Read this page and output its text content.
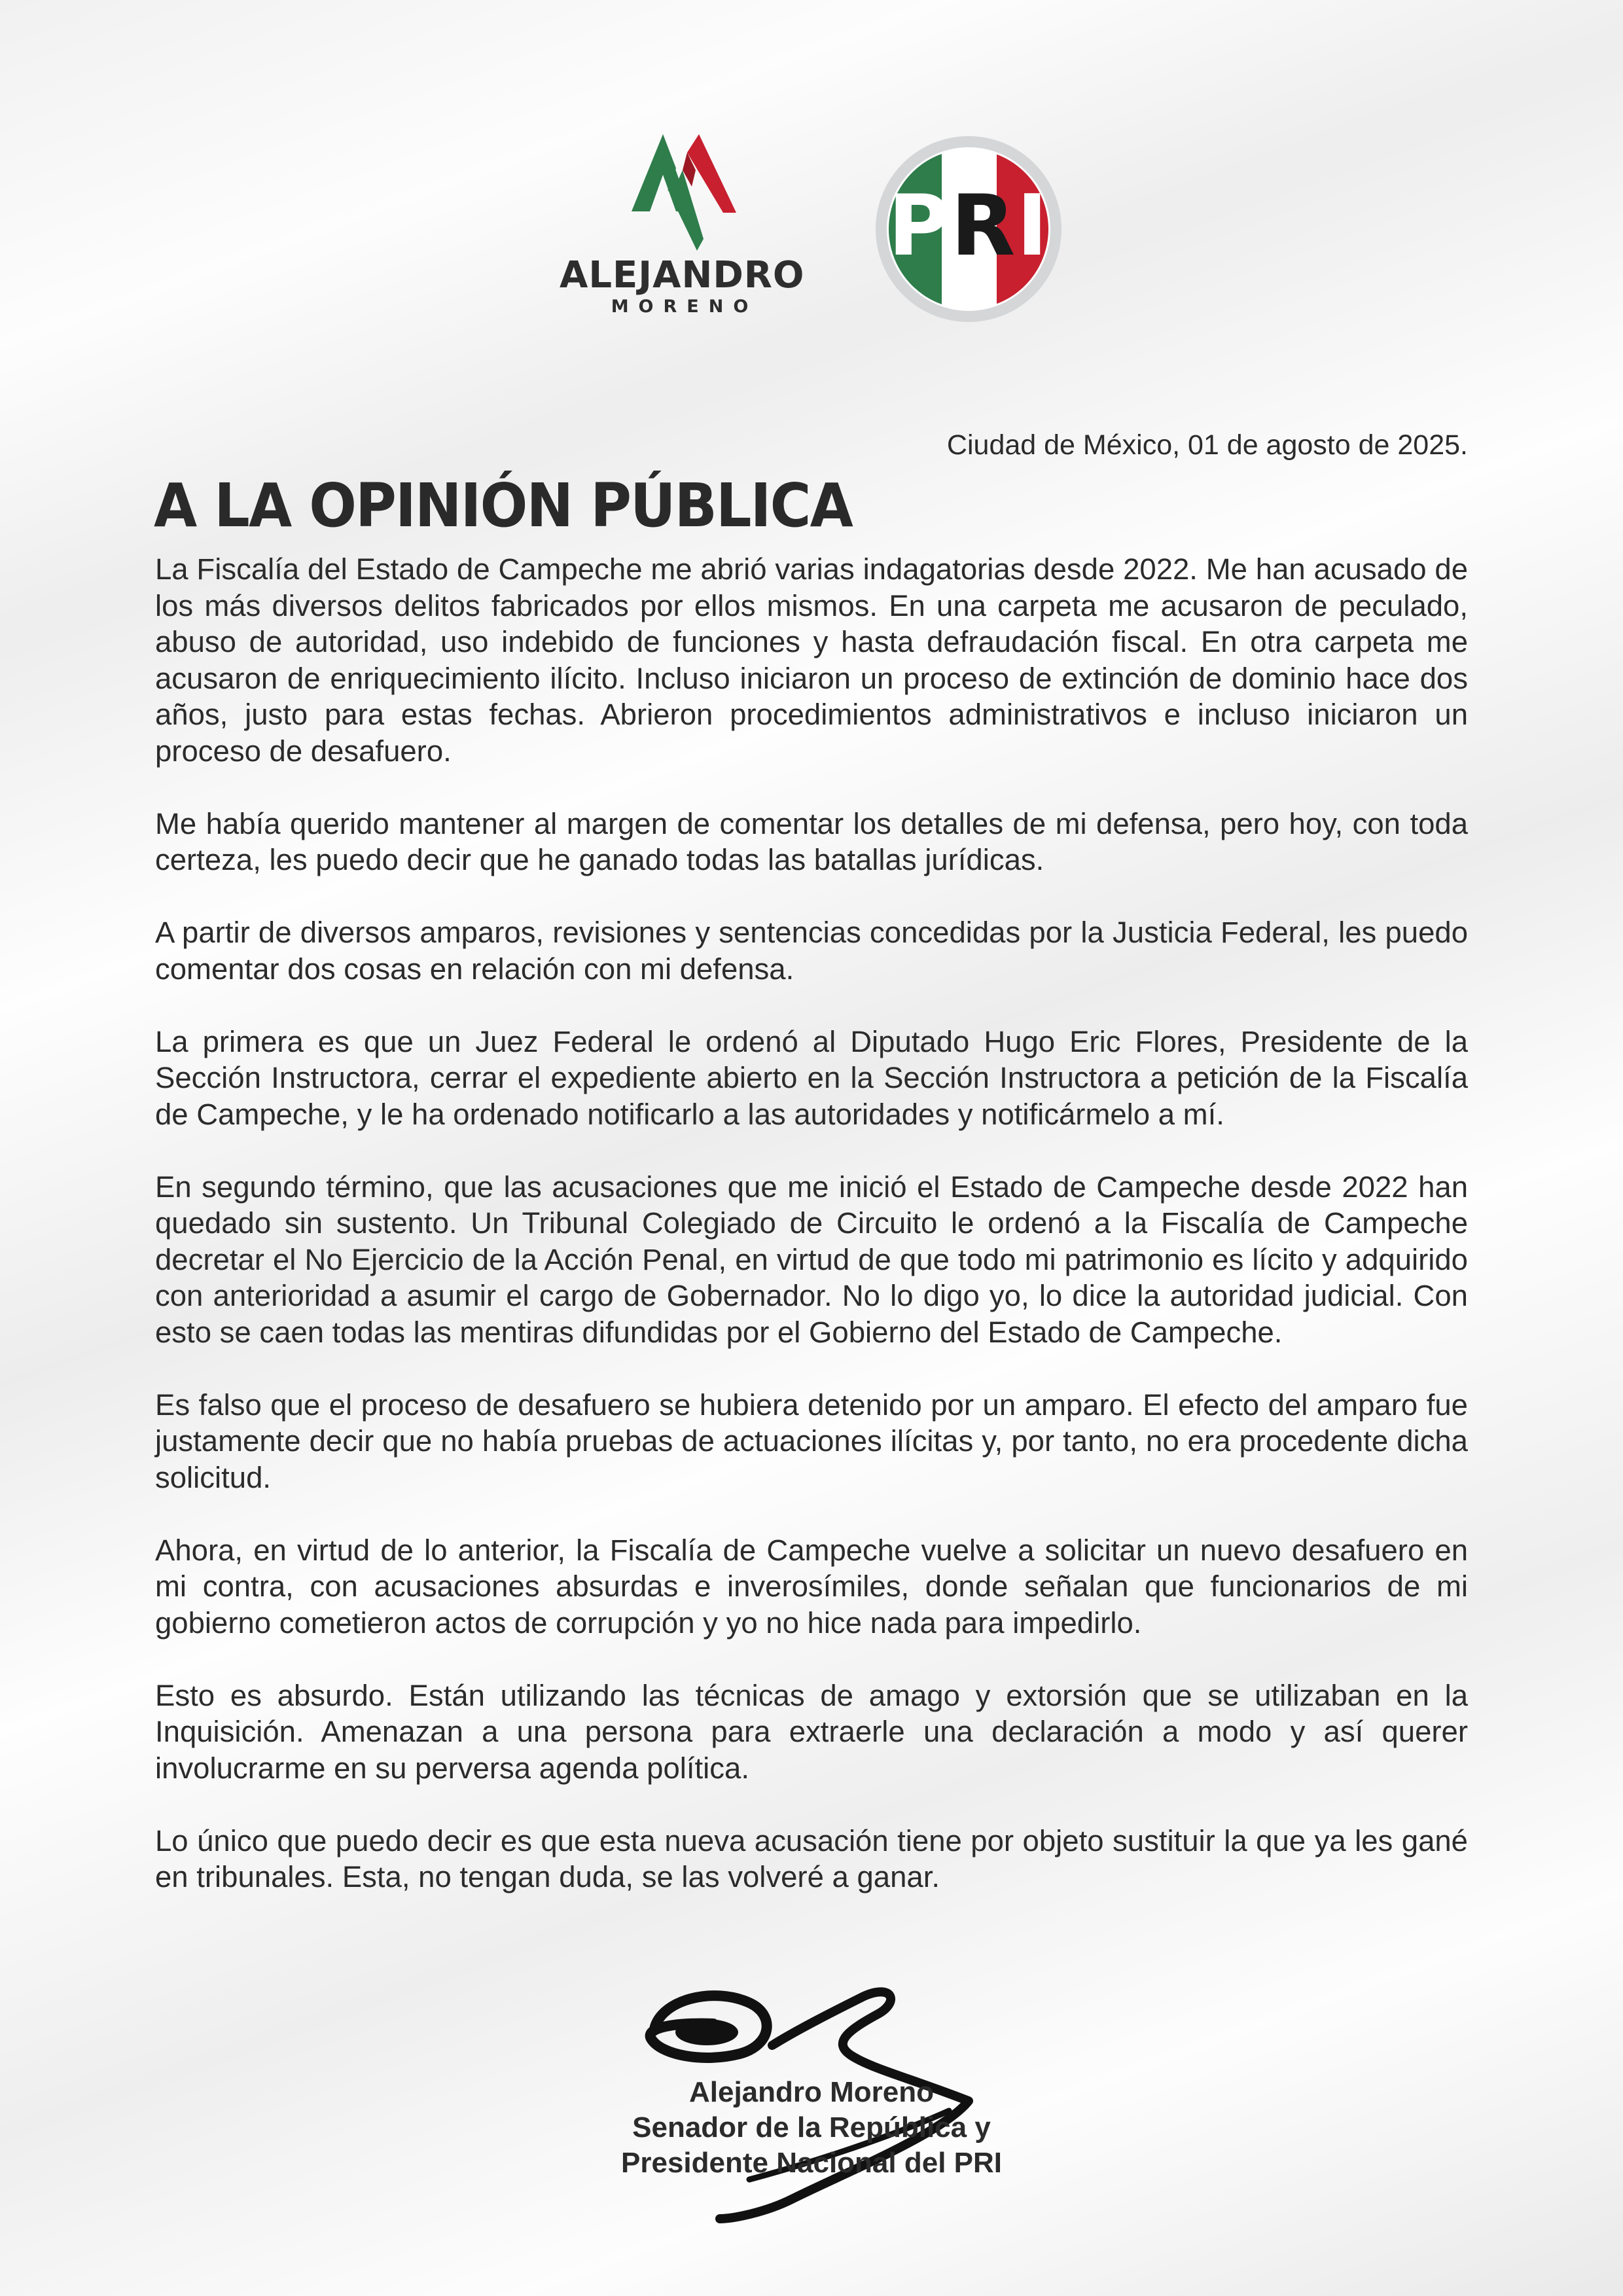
ALEJANDRO
MORENO
PRI
Ciudad de México, 01 de agosto de 2025.
A LA OPINIÓN PÚBLICA

La Fiscalía del Estado de Campeche me abrió varias indagatorias desde 2022. Me han acusado de los más diversos delitos fabricados por ellos mismos. En una carpeta me acusaron de peculado, abuso de autoridad, uso indebido de funciones y hasta defraudación fiscal. En otra carpeta me acusaron de enriquecimiento ilícito. Incluso iniciaron un proceso de extinción de dominio hace dos años, justo para estas fechas. Abrieron procedimientos administrativos e incluso iniciaron un proceso de desafuero.

Me había querido mantener al margen de comentar los detalles de mi defensa, pero hoy, con toda certeza, les puedo decir que he ganado todas las batallas jurídicas.

A partir de diversos amparos, revisiones y sentencias concedidas por la Justicia Federal, les puedo comentar dos cosas en relación con mi defensa.

La primera es que un Juez Federal le ordenó al Diputado Hugo Eric Flores, Presidente de la Sección Instructora, cerrar el expediente abierto en la Sección Instructora a petición de la Fiscalía de Campeche, y le ha ordenado notificarlo a las autoridades y notificármelo a mí.

En segundo término, que las acusaciones que me inició el Estado de Campeche desde 2022 han quedado sin sustento. Un Tribunal Colegiado de Circuito le ordenó a la Fiscalía de Campeche decretar el No Ejercicio de la Acción Penal, en virtud de que todo mi patrimonio es lícito y adquirido con anterioridad a asumir el cargo de Gobernador. No lo digo yo, lo dice la autoridad judicial. Con esto se caen todas las mentiras difundidas por el Gobierno del Estado de Campeche.

Es falso que el proceso de desafuero se hubiera detenido por un amparo. El efecto del amparo fue justamente decir que no había pruebas de actuaciones ilícitas y, por tanto, no era procedente dicha solicitud.

Ahora, en virtud de lo anterior, la Fiscalía de Campeche vuelve a solicitar un nuevo desafuero en mi contra, con acusaciones absurdas e inverosímiles, donde señalan que funcionarios de mi gobierno cometieron actos de corrupción y yo no hice nada para impedirlo.

Esto es absurdo. Están utilizando las técnicas de amago y extorsión que se utilizaban en la Inquisición. Amenazan a una persona para extraerle una declaración a modo y así querer involucrarme en su perversa agenda política.

Lo único que puedo decir es que esta nueva acusación tiene por objeto sustituir la que ya les gané en tribunales. Esta, no tengan duda, se las volveré a ganar.

Alejandro Moreno
Senador de la República y
Presidente Nacional del PRI
